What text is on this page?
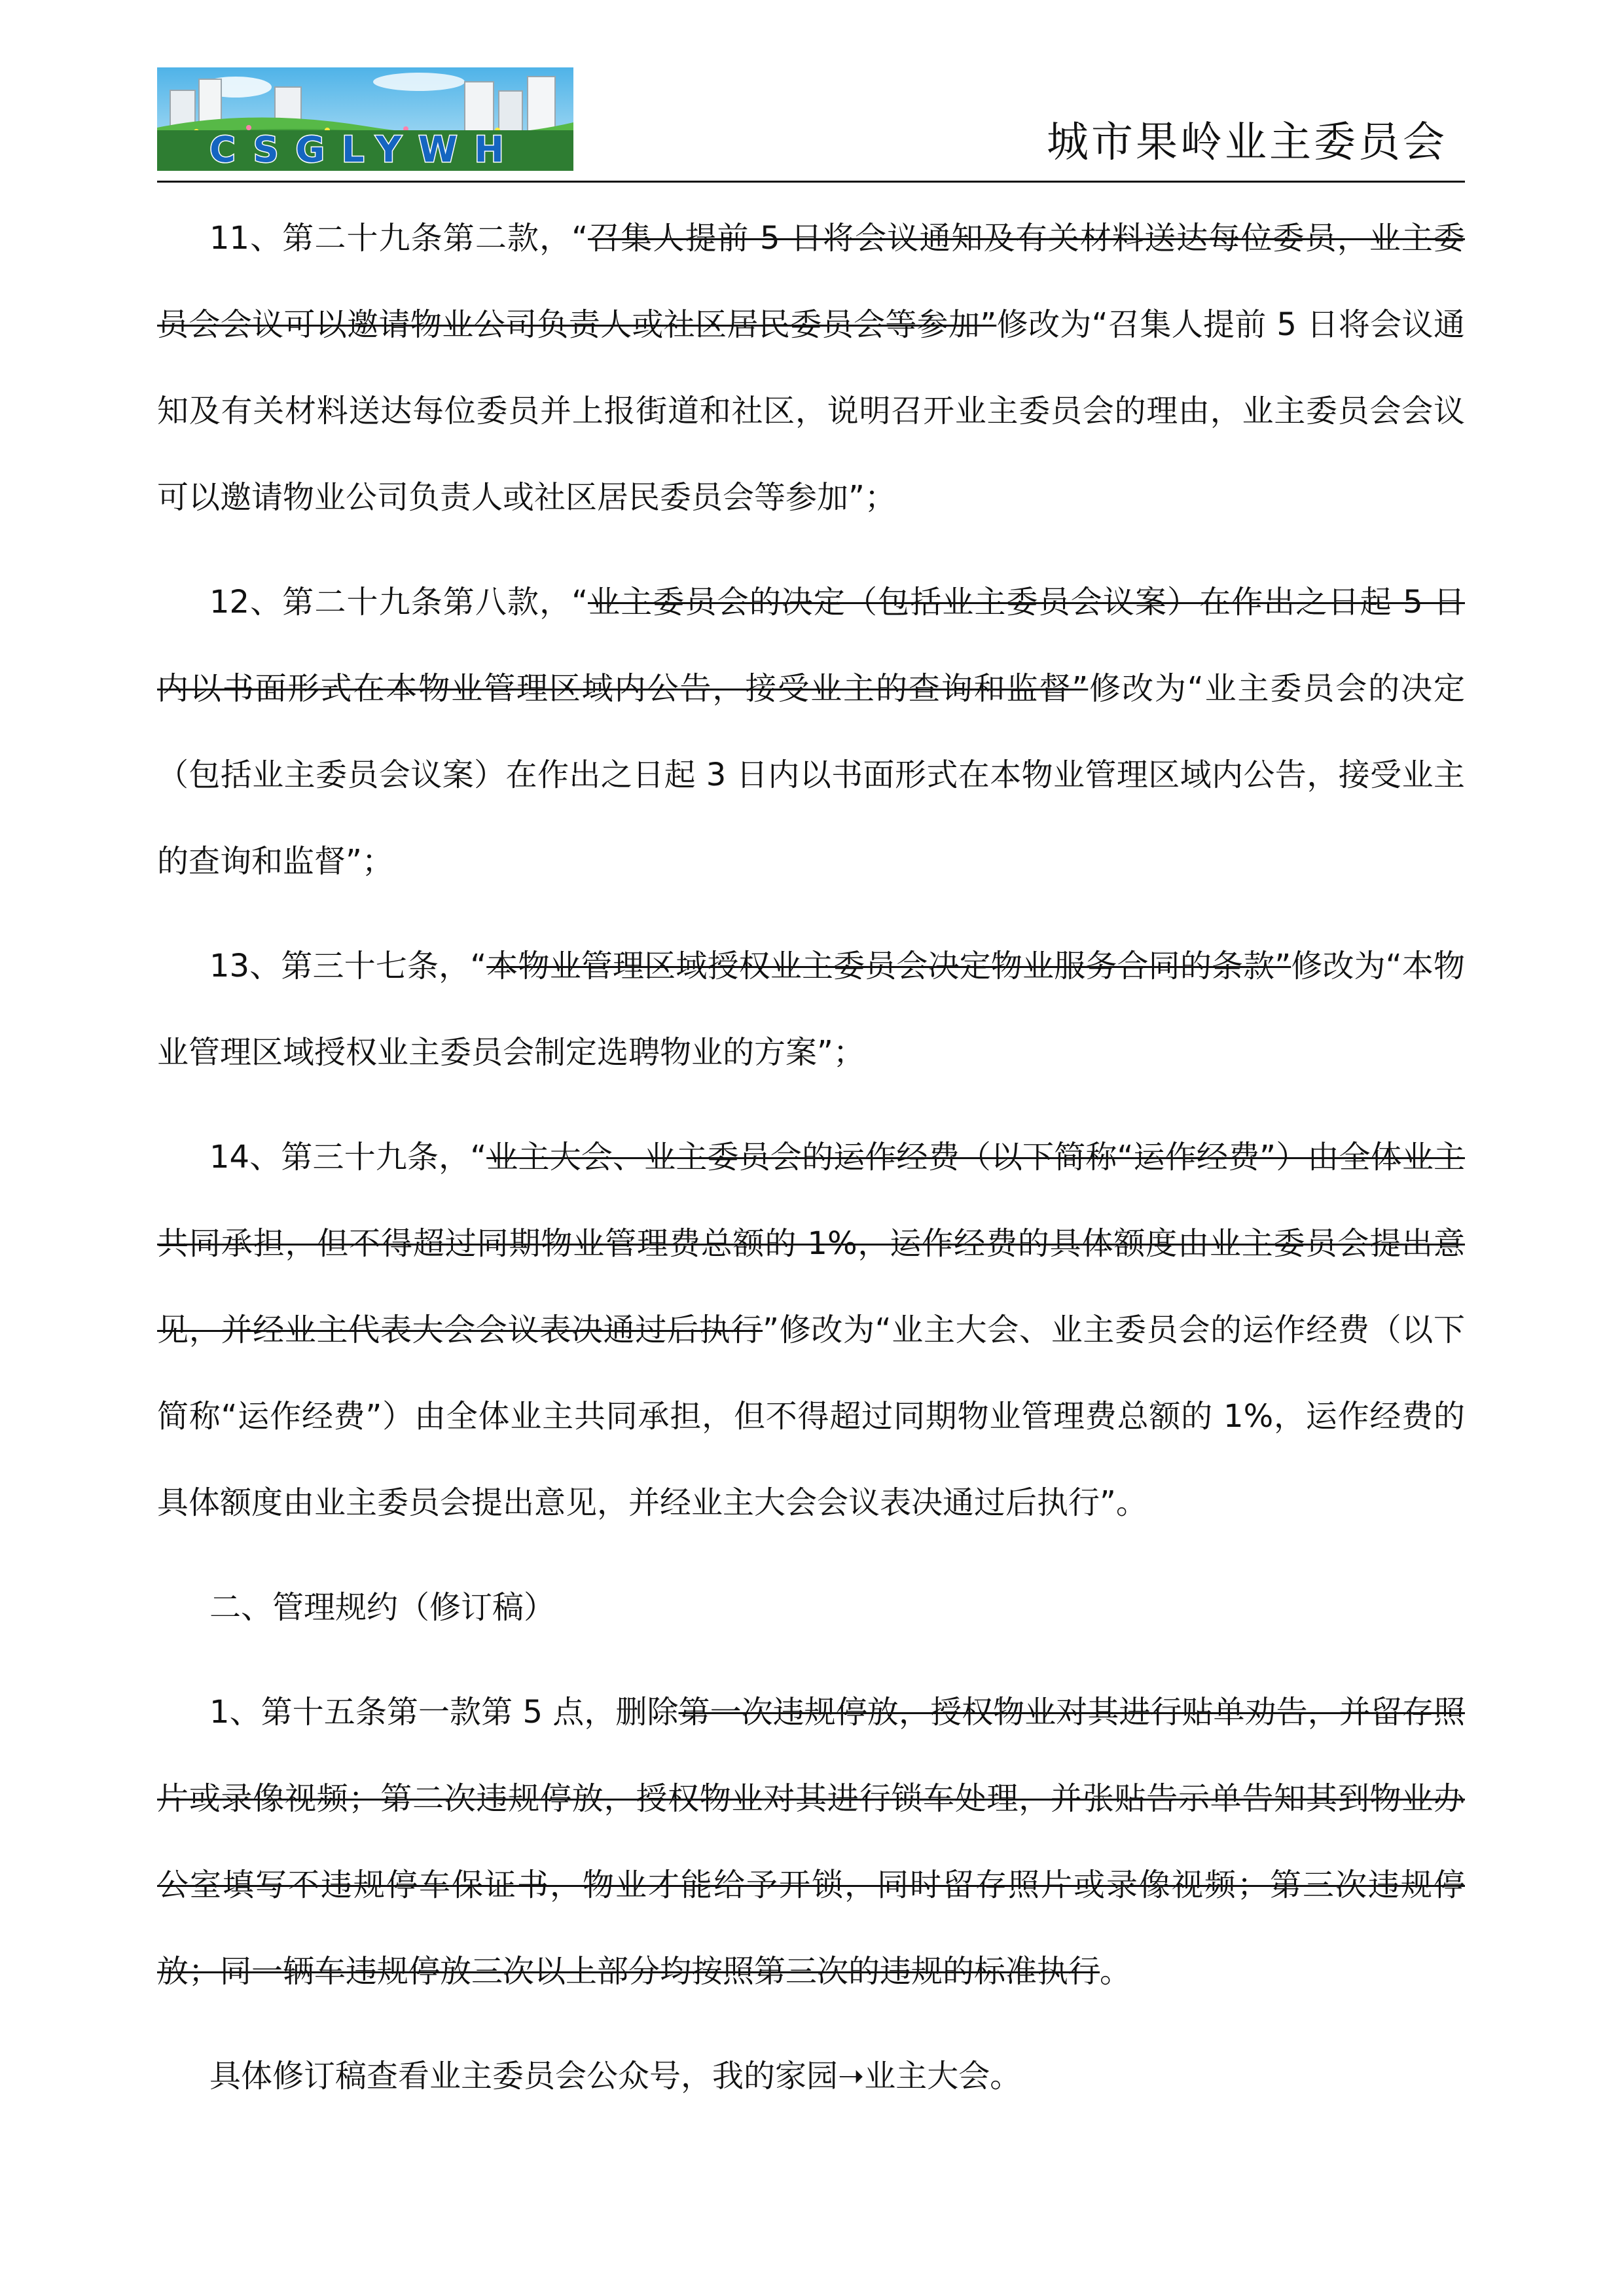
CSGLYWH	城市果岭业主委员会

11、第二十九条第二款，“召集人提前 5 日将会议通知及有关材料送达每位委员，业主委员会会议可以邀请物业公司负责人或社区居民委员会等参加”修改为“召集人提前 5 日将会议通知及有关材料送达每位委员并上报街道和社区，说明召开业主委员会的理由，业主委员会会议可以邀请物业公司负责人或社区居民委员会等参加”；

12、第二十九条第八款，“业主委员会的决定（包括业主委员会议案）在作出之日起 5 日内以书面形式在本物业管理区域内公告，接受业主的查询和监督”修改为“业主委员会的决定（包括业主委员会议案）在作出之日起 3 日内以书面形式在本物业管理区域内公告，接受业主的查询和监督”；

13、第三十七条，“本物业管理区域授权业主委员会决定物业服务合同的条款”修改为“本物业管理区域授权业主委员会制定选聘物业的方案”；

14、第三十九条，“业主大会、业主委员会的运作经费（以下简称“运作经费”）由全体业主共同承担，但不得超过同期物业管理费总额的 1%，运作经费的具体额度由业主委员会提出意见，并经业主代表大会会议表决通过后执行”修改为“业主大会、业主委员会的运作经费（以下简称“运作经费”）由全体业主共同承担，但不得超过同期物业管理费总额的 1%，运作经费的具体额度由业主委员会提出意见，并经业主大会会议表决通过后执行”。

二、管理规约（修订稿）

1、第十五条第一款第 5 点，删除第一次违规停放，授权物业对其进行贴单劝告，并留存照片或录像视频；第二次违规停放，授权物业对其进行锁车处理，并张贴告示单告知其到物业办公室填写不违规停车保证书，物业才能给予开锁，同时留存照片或录像视频；第三次违规停放；同一辆车违规停放三次以上部分均按照第三次的违规的标准执行。

具体修订稿查看业主委员会公众号，我的家园➝业主大会。
